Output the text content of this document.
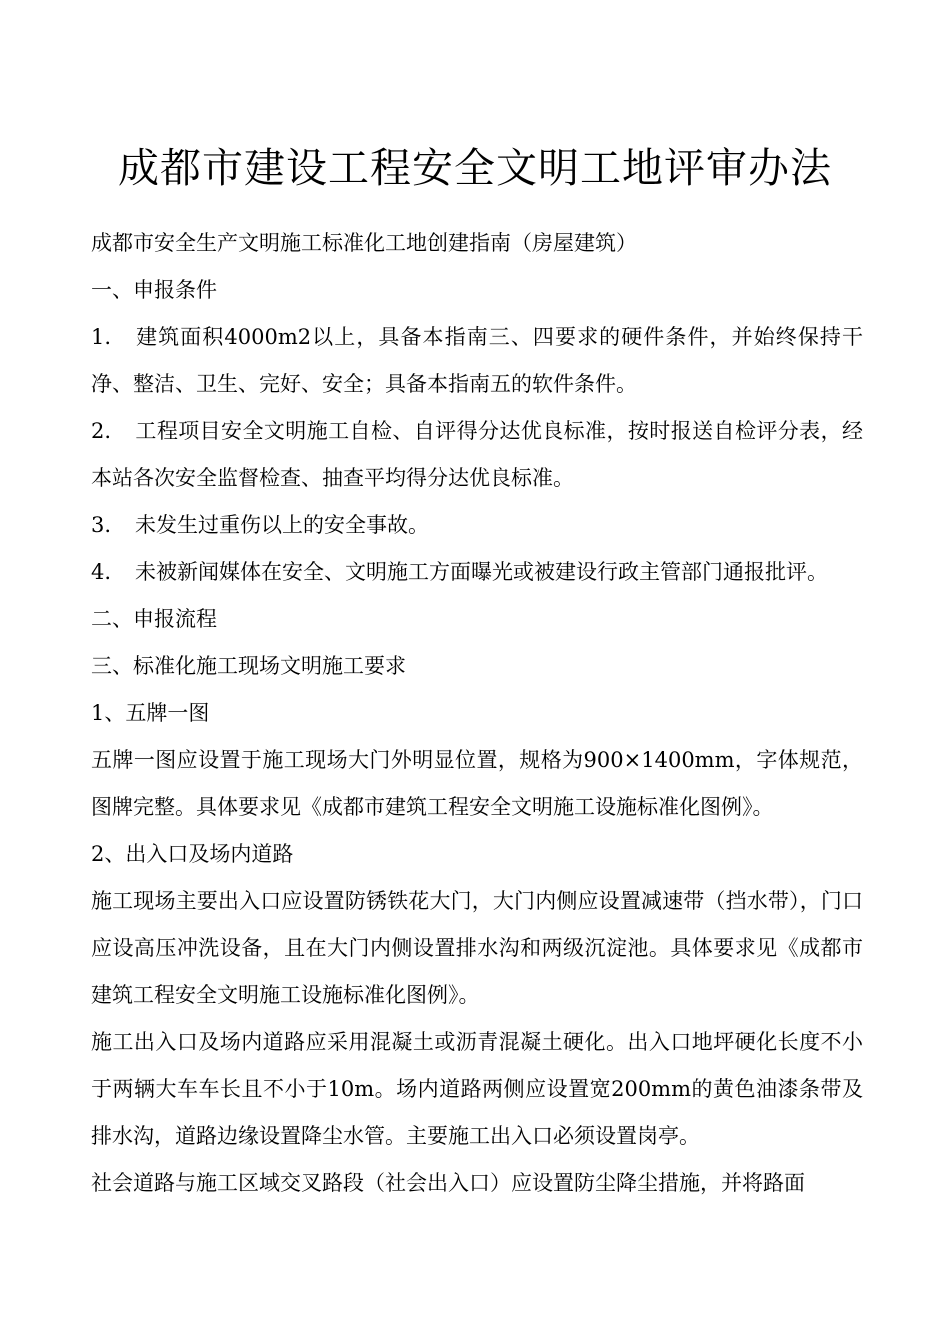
成都市建设工程安全文明工地评审办法

成都市安全生产文明施工标准化工地创建指南（房屋建筑）

一、申报条件

1. 建筑面积4000m2以上，具备本指南三、四要求的硬件条件，并始终保持干净、整洁、卫生、完好、安全；具备本指南五的软件条件。

2. 工程项目安全文明施工自检、自评得分达优良标准，按时报送自检评分表，经本站各次安全监督检查、抽查平均得分达优良标准。

3. 未发生过重伤以上的安全事故。

4. 未被新闻媒体在安全、文明施工方面曝光或被建设行政主管部门通报批评。

二、申报流程

三、标准化施工现场文明施工要求

1、五牌一图

五牌一图应设置于施工现场大门外明显位置，规格为900×1400mm，字体规范，图牌完整。具体要求见《成都市建筑工程安全文明施工设施标准化图例》。

2、出入口及场内道路

施工现场主要出入口应设置防锈铁花大门，大门内侧应设置减速带（挡水带），门口应设高压冲洗设备，且在大门内侧设置排水沟和两级沉淀池。具体要求见《成都市建筑工程安全文明施工设施标准化图例》。

施工出入口及场内道路应采用混凝土或沥青混凝土硬化。出入口地坪硬化长度不小于两辆大车车长且不小于10m。场内道路两侧应设置宽200mm的黄色油漆条带及排水沟，道路边缘设置降尘水管。主要施工出入口必须设置岗亭。

社会道路与施工区域交叉路段（社会出入口）应设置防尘降尘措施，并将路面
